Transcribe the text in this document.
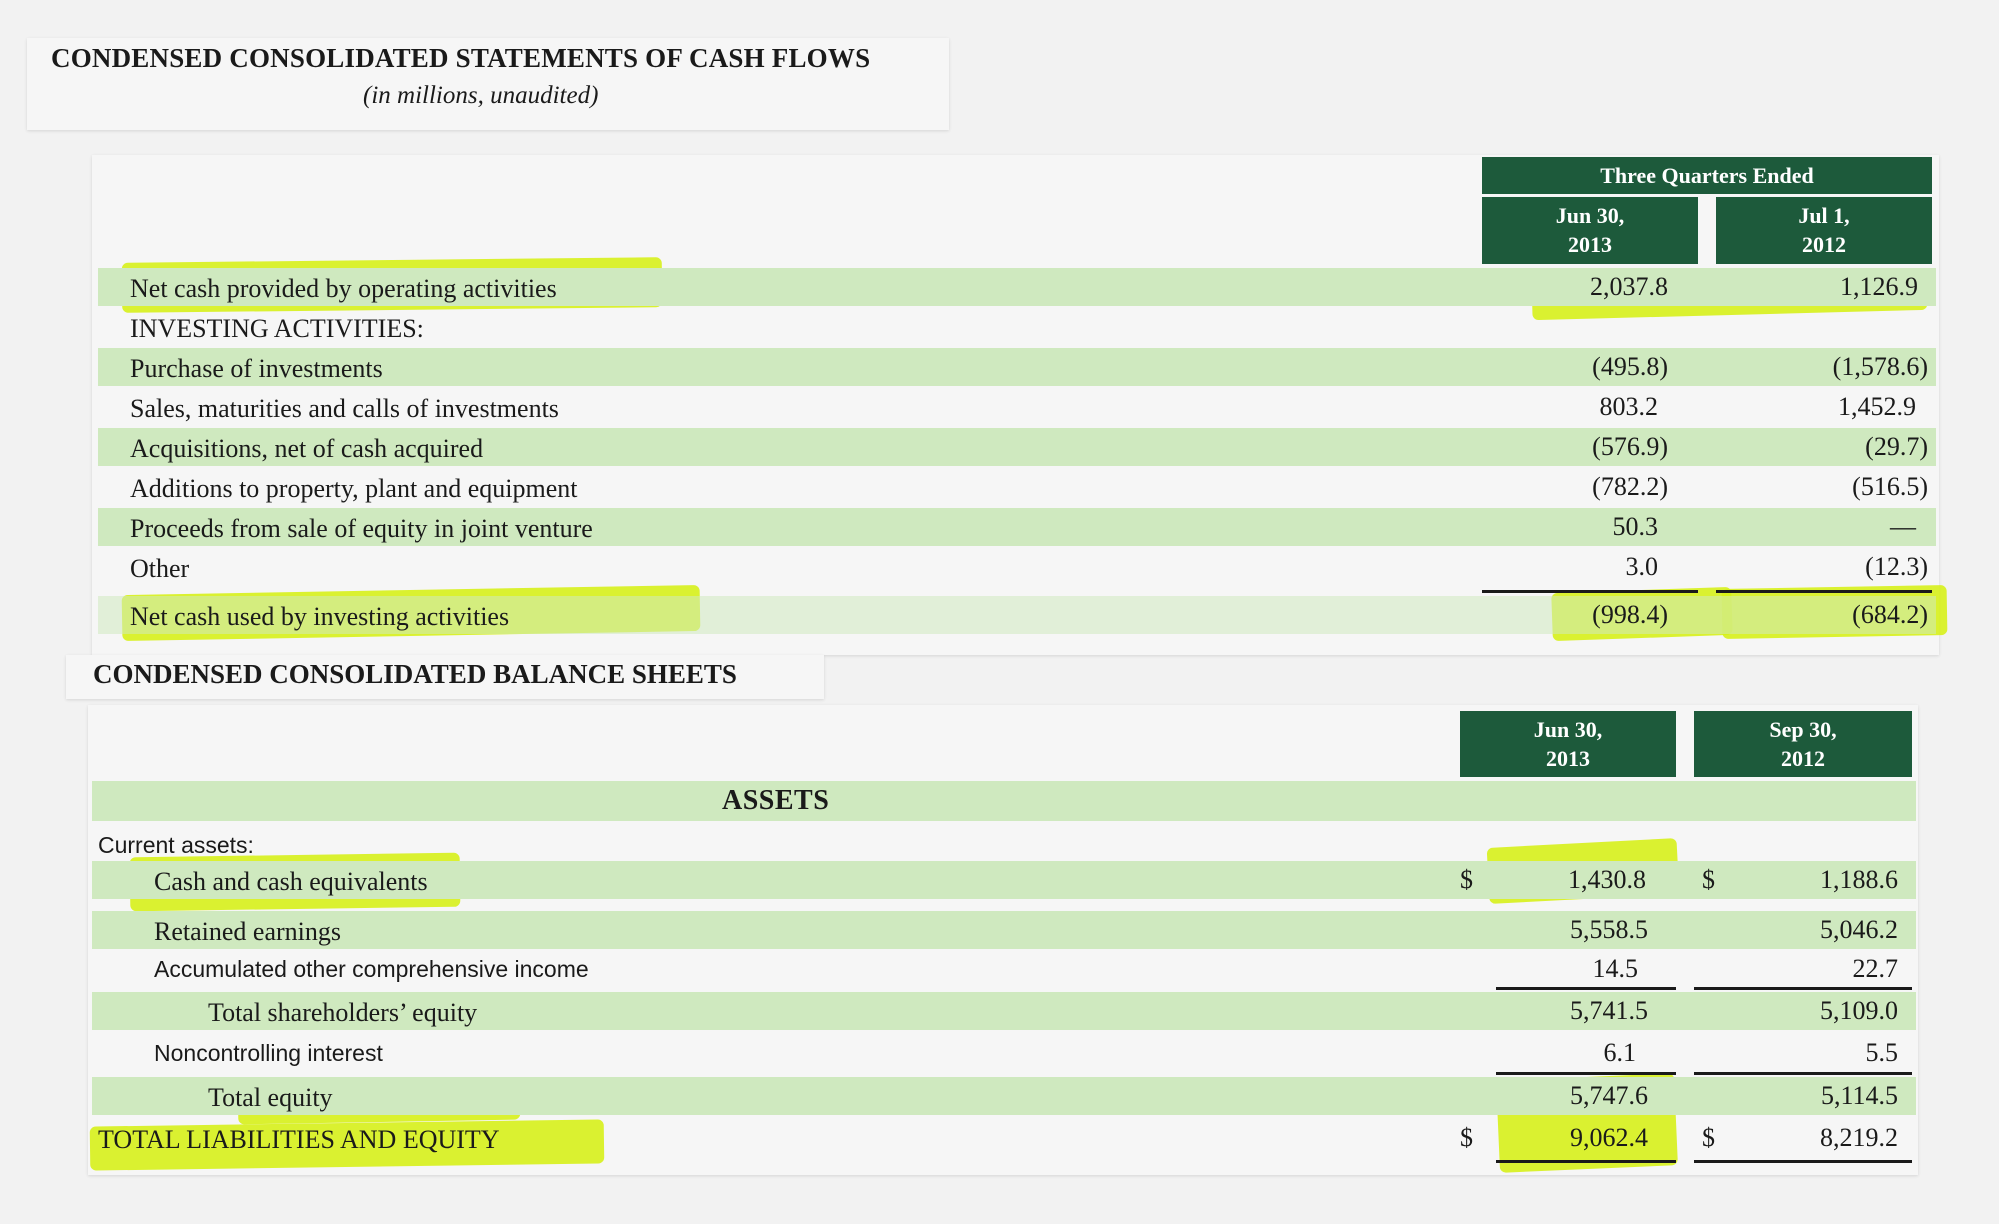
CONDENSED CONSOLIDATED STATEMENTS OF CASH FLOWS
(in millions, unaudited)
Three Quarters Ended
Jun 30,
2013
Jul 1,
2012
Net cash provided by operating activities	2,037.8	1,126.9
INVESTING ACTIVITIES:
Purchase of investments	(495.8)	(1,578.6)
Sales, maturities and calls of investments	803.2	1,452.9
Acquisitions, net of cash acquired	(576.9)	(29.7)
Additions to property, plant and equipment	(782.2)	(516.5)
Proceeds from sale of equity in joint venture	50.3	—
Other	3.0	(12.3)
Net cash used by investing activities	(998.4)	(684.2)
CONDENSED CONSOLIDATED BALANCE SHEETS
Jun 30,
2013
Sep 30,
2012
ASSETS
Current assets:
Cash and cash equivalents	$	1,430.8 $	1,188.6
Retained earnings	5,558.5	5,046.2
Accumulated other comprehensive income	14.5	22.7
Total shareholders’ equity	5,741.5	5,109.0
Noncontrolling interest	6.1	5.5
Total equity	5,747.6	5,114.5
TOTAL LIABILITIES AND EQUITY	$	9,062.4 $	8,219.2
